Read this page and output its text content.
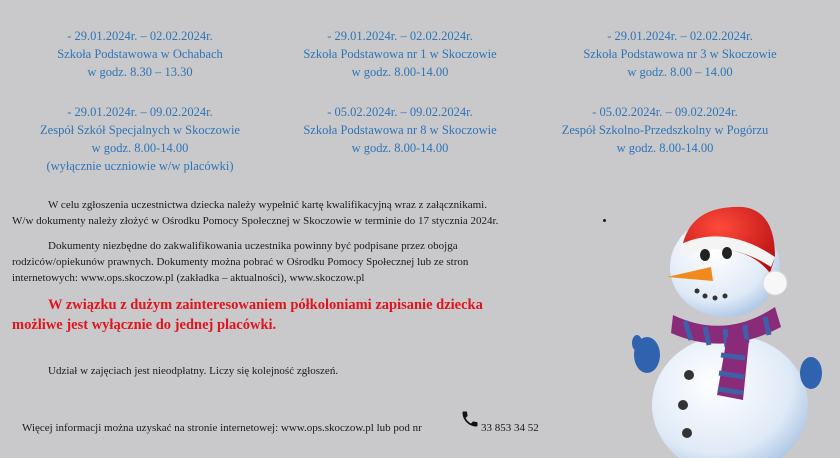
- 29.01.2024r. – 02.02.2024r.
Szkoła Podstawowa w Ochabach
w godz. 8.30 – 13.30
- 29.01.2024r. – 02.02.2024r.
Szkoła Podstawowa nr 1 w Skoczowie
w godz. 8.00-14.00
- 29.01.2024r. – 02.02.2024r.
Szkoła Podstawowa nr 3 w Skoczowie
w godz. 8.00 – 14.00
- 29.01.2024r. – 09.02.2024r.
Zespół Szkół Specjalnych w Skoczowie
w godz. 8.00-14.00
(wyłącznie uczniowie w/w placówki)
- 05.02.2024r. – 09.02.2024r.
Szkoła Podstawowa nr 8 w Skoczowie
w godz. 8.00-14.00
- 05.02.2024r. – 09.02.2024r.
Zespół Szkolno-Przedszkolny w Pogórzu
w godz. 8.00-14.00
W celu zgłoszenia uczestnictwa dziecka należy wypełnić kartę kwalifikacyjną wraz z załącznikami.
W/w dokumenty należy złożyć w Ośrodku Pomocy Społecznej w Skoczowie w terminie do 17 stycznia 2024r.
Dokumenty niezbędne do zakwalifikowania uczestnika powinny być podpisane przez obojga
rodziców/opiekunów prawnych. Dokumenty można pobrać w Ośrodku Pomocy Społecznej lub ze stron
internetowych: www.ops.skoczow.pl (zakładka – aktualności), www.skoczow.pl
W związku z dużym zainteresowaniem półkoloniami zapisanie dziecka
możliwe jest wyłącznie do jednej placówki.
Udział w zajęciach jest nieodpłatny. Liczy się kolejność zgłoszeń.
Więcej informacji można uzyskać na stronie internetowej: www.ops.skoczow.pl lub pod nr	33 853 34 52
